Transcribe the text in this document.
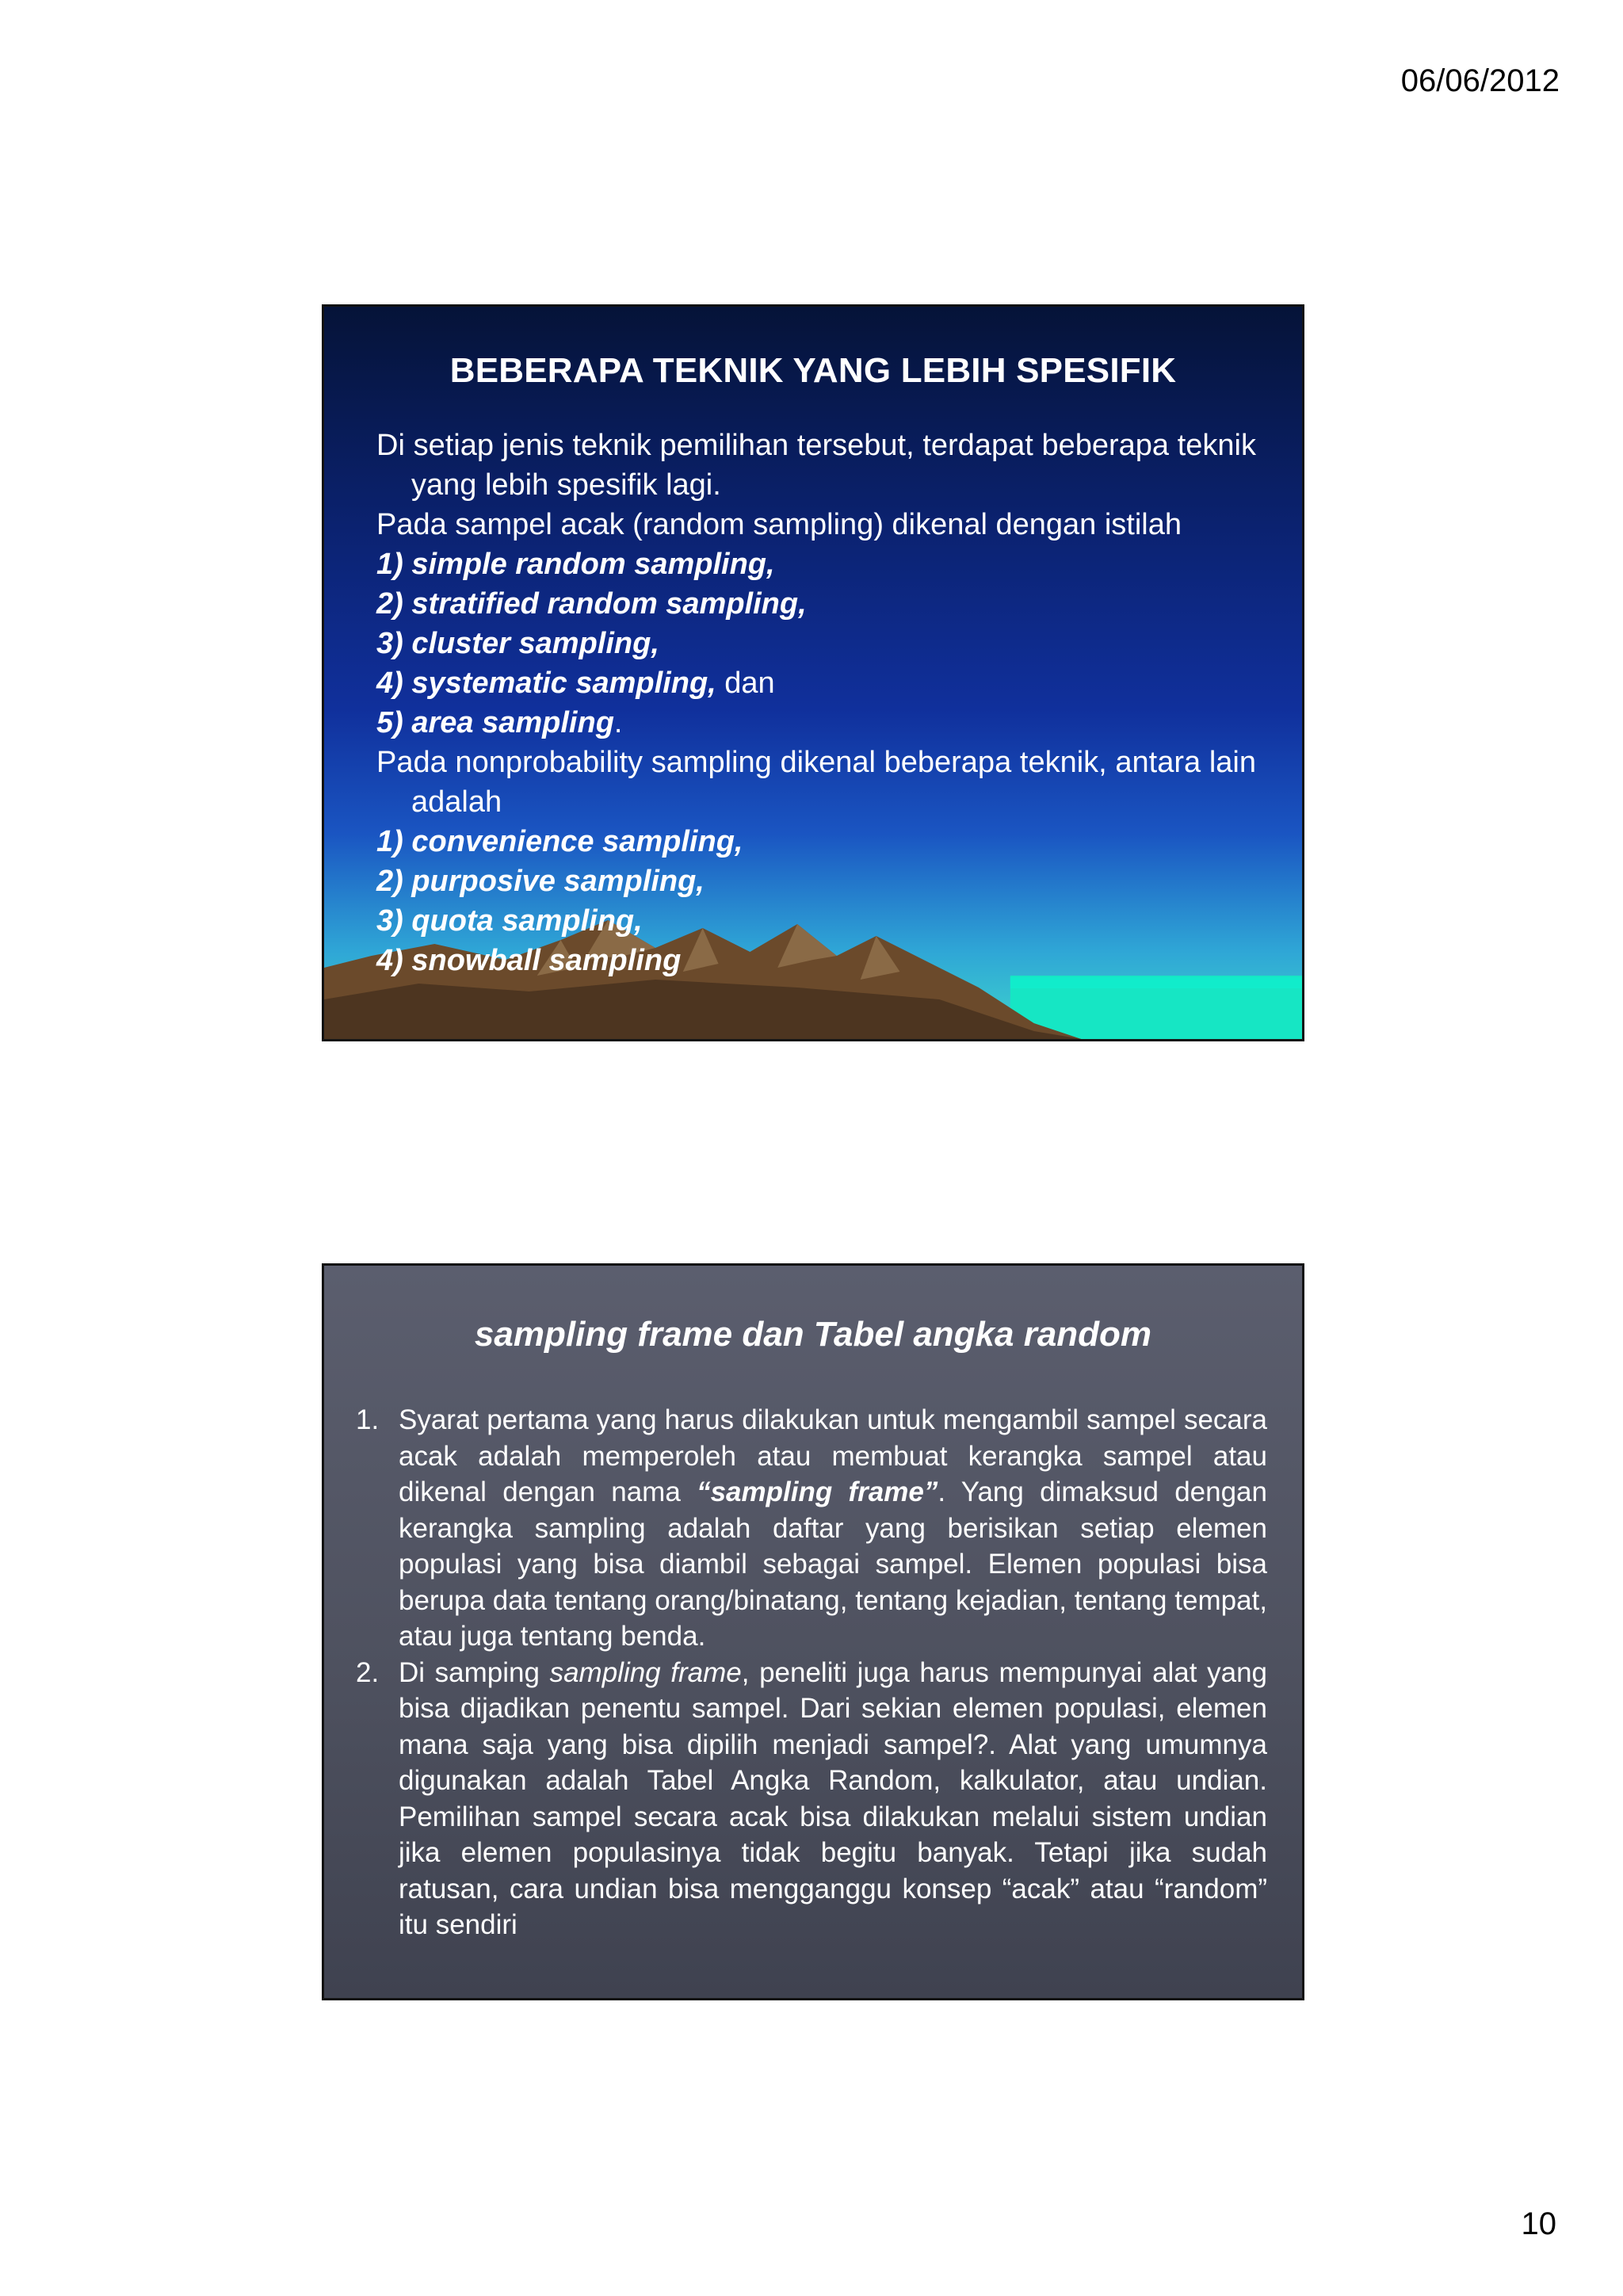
06/06/2012
BEBERAPA TEKNIK YANG LEBIH SPESIFIK
Di setiap jenis teknik pemilihan tersebut, terdapat beberapa teknik yang lebih spesifik lagi.
Pada sampel acak (random sampling) dikenal dengan istilah
1) simple random sampling,
2) stratified random sampling,
3) cluster sampling,
4) systematic sampling, dan
5) area sampling.
Pada nonprobability sampling dikenal beberapa teknik, antara lain adalah
1) convenience sampling,
2) purposive sampling,
3) quota sampling,
4) snowball sampling
sampling frame dan Tabel angka random
1. Syarat pertama yang harus dilakukan untuk mengambil sampel secara acak adalah memperoleh atau membuat kerangka sampel atau dikenal dengan nama “sampling frame”. Yang dimaksud dengan kerangka sampling adalah daftar yang berisikan setiap elemen populasi yang bisa diambil sebagai sampel. Elemen populasi bisa berupa data tentang orang/binatang, tentang kejadian, tentang tempat, atau juga tentang benda.
2. Di samping sampling frame, peneliti juga harus mempunyai alat yang bisa dijadikan penentu sampel. Dari sekian elemen populasi, elemen mana saja yang bisa dipilih menjadi sampel?. Alat yang umumnya digunakan adalah Tabel Angka Random, kalkulator, atau undian. Pemilihan sampel secara acak bisa dilakukan melalui sistem undian jika elemen populasinya tidak begitu banyak. Tetapi jika sudah ratusan, cara undian bisa mengganggu konsep “acak” atau “random” itu sendiri
10
